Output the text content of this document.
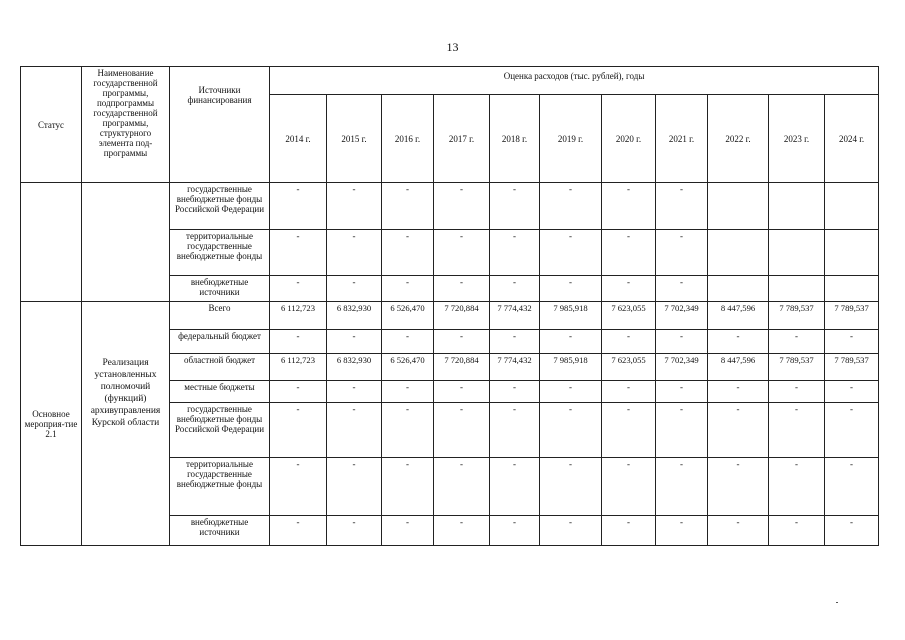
13
Статус	Наименование государственной программы, подпрограммы государственной программы, структурного элемента под-программы	Источники финансирования	Оценка расходов (тыс. рублей), годы										
			2014 г.	2015 г.	2016 г.	2017 г.	2018 г.	2019 г.	2020 г.	2021 г.	2022 г.	2023 г.	2024 г.
		государственные внебюджетные фонды Российской Федерации	-	-	-	-	-	-	-	-			
		территориальные государственные внебюджетные фонды	-	-	-	-	-	-	-	-			
		внебюджетные источники	-	-	-	-	-	-	-	-			
Основное мероприя-тие 2.1	Реализация установленных полномочий (функций) архивуправления Курской области	Всего	6 112,723	6 832,930	6 526,470	7 720,884	7 774,432	7 985,918	7 623,055	7 702,349	8 447,596	7 789,537	7 789,537
		федеральный бюджет	-	-	-	-	-	-	-	-	-	-	-
		областной бюджет	6 112,723	6 832,930	6 526,470	7 720,884	7 774,432	7 985,918	7 623,055	7 702,349	8 447,596	7 789,537	7 789,537
		местные бюджеты	-	-	-	-	-	-	-	-	-	-	-
		государственные внебюджетные фонды Российской Федерации	-	-	-	-	-	-	-	-	-	-	-
		территориальные государственные внебюджетные фонды	-	-	-	-	-	-	-	-	-	-	-
		внебюджетные источники	-	-	-	-	-	-	-	-	-	-	-
